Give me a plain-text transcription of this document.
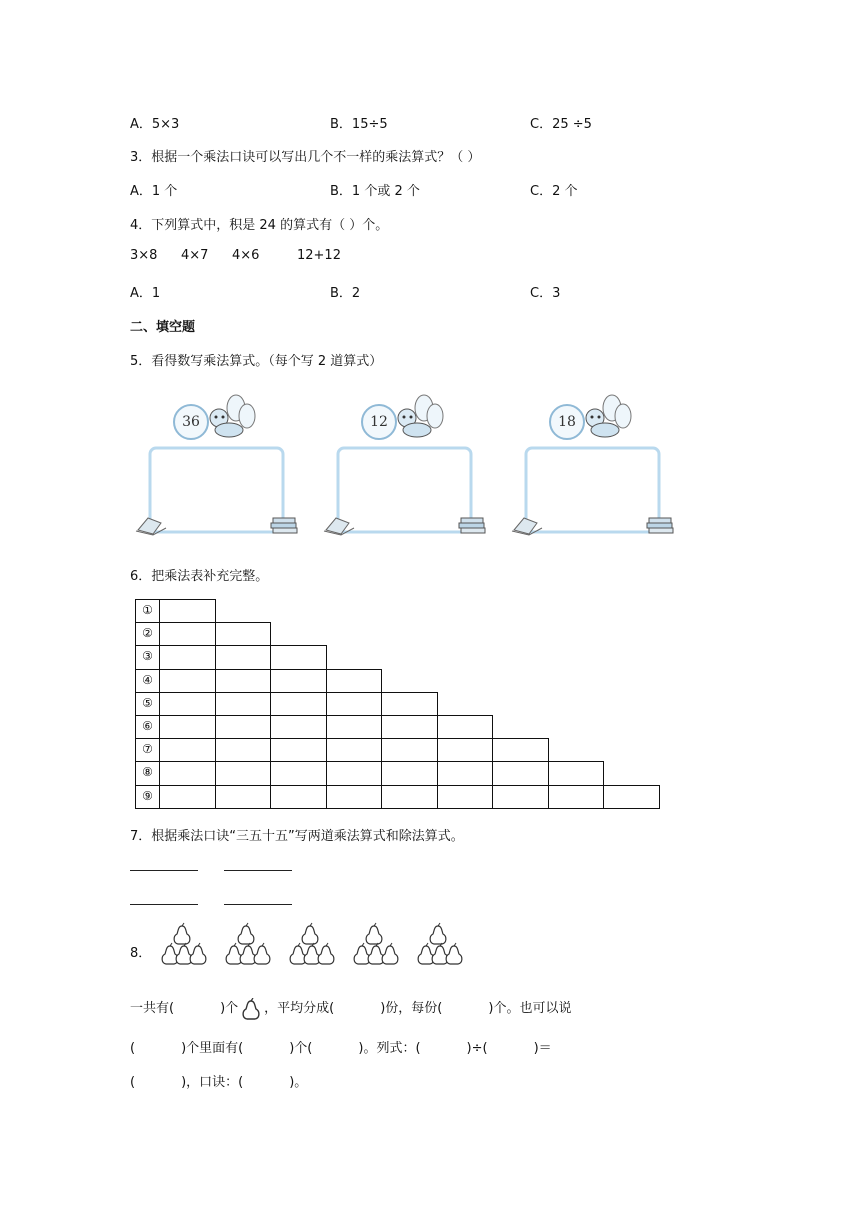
A．5×3	B．15÷5	C．25 ÷5
3．根据一个乘法口诀可以写出几个不一样的乘法算式？（ ）
A．1 个	B．1 个或 2 个	C．2 个
4．下列算式中，积是 24 的算式有（ ）个。
3×8 4×7 4×6	12+12
A．1	B．2	C．3
二、填空题
5．看得数写乘法算式。（每个写 2 道算式）
36	12	18
6．把乘法表补充完整。
①
②
③
④
⑤
⑥
⑦
⑧
⑨
7．根据乘法口诀“三五十五”写两道乘法算式和除法算式。
8．
一共有(	)个 ，平均分成(	)份，每份(	)个。也可以说
(	)个里面有(	)个(	)。列式：(	)÷(	)＝
(	)，口诀：(	)。
